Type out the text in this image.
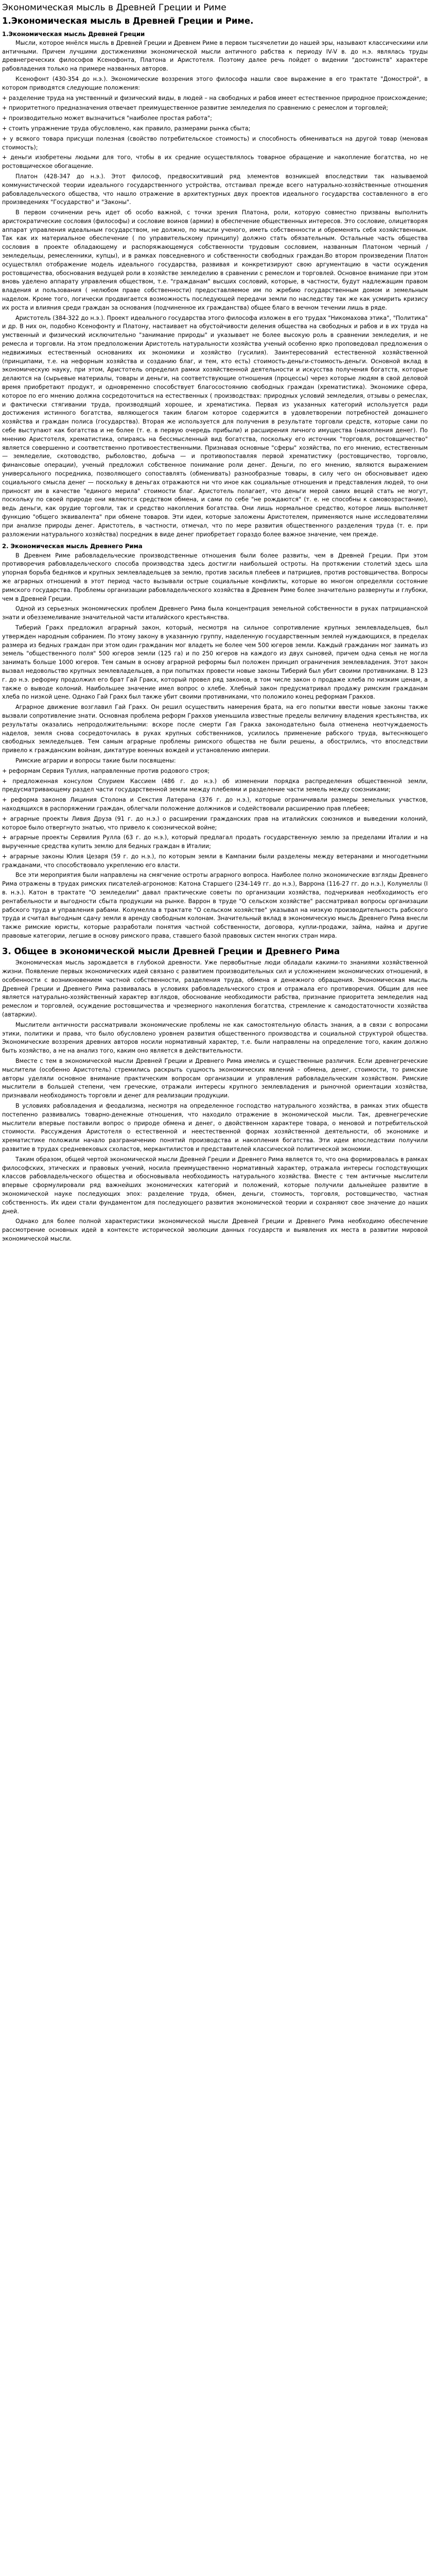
Экономическая мысль в Древней Греции и Риме
1.Экономическая мысль в Древней Греции и Риме.
1.Экономическая мысль Древней Греции

Мысли, которое мнёлся мысль в Древней Греции и Древнем Риме в первом тысячелетии до нашей эры, называют классическими или античными. Причем лучшими достижениями экономической мысли античного рабства к периоду IV-V в. до н.э. являлась труды древнегреческих философов Ксенофонта, Платона и Аристотеля. Поэтому далее речь пойдет о видении "достоинств" характере рабовладения только на примере названных авторов.

Ксенофонт (430-354 до н.э.). Экономические воззрения этого философа нашли свое выражение в его трактате "Домострой", в котором приводятся следующие положения:

+ разделение труда на умственный и физический виды, в людей – на свободных и рабов имеет естественное природное происхождение;

+ приоритетного предназначения отвечает преимущественное развитие земледелия по сравнению с ремеслом и торговлей;

+ производительно может вызначиться "наиболее простая работа";

+ стоить упражнение труда обусловлено, как правило, размерами рынка сбыта;

+ у всякого товара присущи полезная (свойство потребительское стоимость) и способность обмениваться на другой товар (меновая стоимость);

+ деньги изобретены людьми для того, чтобы в их средние осуществлялось товарное обращение и накопление богатства, но не ростовщическое обогащение.

Платон (428-347 до н.э.). Этот философ, предвосхитивший ряд элементов возникшей впоследствии так называемой коммунистической теории идеального государственного устройства, отстаивал прежде всего натурально-хозяйственные отношения рабовладельческого общества, что нашло отражение в архитектурных двух проектов идеального государства составленного в его произведениях "Государство" и "Законы".

В первом сочинении речь идет об особо важной, с точки зрения Платона, роли, которую совместно призваны выполнить аристократические сословия (философы) и сословие воинов (армии) в обеспечение общественных интересов. Это сословие, олицетворяя аппарат управления идеальным государством, не должно, по мысли ученого, иметь собственности и обременять себя хозяйственным. Так как их материальное обеспечение ( по управительскому принципу) должно стать обязательным. Остальные часть общества сословия в проекте обладающему и распоряжающемуся собственности трудовым сословием, названным Платоном черный / земледельцы, ремесленники, купцы), и в рамках повседневного и собственности свободных граждан.Во втором произведении Платон осуществлял отображение модель идеального государства, развивая и конкретизируют свою аргументацию в части осуждения ростовщичества, обоснования ведущей роли в хозяйстве земледелию в сравнении с ремеслом и торговлей. Основное внимание при этом вновь уделено аппарату управления обществом, т.е. "гражданам" высших сословий, которые, в частности, будут надлежащим правом владения и пользования ( нелюбом праве собственности) предоставляемое им по жребию государственным домом и земельным наделом. Кроме того, логически продвигается возможность последующей передачи земли по наследству так же как усмирить кризису их роста и влияния среди граждан за основания (подчиненное их гражданства) общее благо в вечном течении лишь в ряде.

Аристотель (384-322 до н.э.). Проект идеального государства этого философа изложен в его трудах "Никомахова этика", "Политика" и др. В них он, подобно Ксенофонту и Платону, настаивает на обустойчивости деления общества на свободных и рабов и в их труда на умственный и физический исключительно "занимание природы" и указывает не более высокую роль в сравнении земледелия, и не ремесла и торговли. На этом предположении Аристотель натуральности хозяйства ученый особенно ярко проповедовал предложения о недвижимых естественный основаниях их экономики и хозяйство (гусилия). Заинтересований естественной хозяйственной (принципами, т.е. на нефорным хозяйства и созданию благ, и тем, кто есть) стоимость-деньги-стоимость-деньги. Основной вклад в экономическую науку, при этом, Аристотель определил рамки хозяйственной деятельности и искусства получения богатств, которые делаются на (сырьевые материалы, товары и деньги, на соответствующие отношения (процессы) через которые людям в свой деловой время приобретают продукт, и одновременно способствует благосостоянию свободных граждан (хрематистика). Экономике сфера, которое по его мнению должна сосредоточиться на естественных ( производствах: природных условий земледелия, отзывы о ремеслах, и фактически стягивании труда, производящий хорошее, и хрематистика. Первая из указанных категорий используется ради достижения истинного богатства, являющегося таким благом которое содержится в удовлетворении потребностей домашнего хозяйства и граждан полиса (государства). Вторая же используется для получения в результате торговли средств, которые сами по себе выступают как богатства и не более (т. е. в первую очередь прибыли) и расширения личного имущества (накопления денег). По мнению Аристотеля, хрематистика, опираясь на бессмысленный вид богатства, поскольку его источник "торговля, ростовщичество" является совершенно и соответственно противоестественными. Признавая основные "сферы" хозяйства, по его мнению, естественным — земледелие, скотоводство, рыболовство, добыча — и противопоставляя первой хрематистику (ростовщичество, торговлю, финансовые операции), ученый предложил собственное понимание роли денег. Деньги, по его мнению, являются выражением универсального посредника, позволяющего сопоставлять (обменивать) разнообразные товары, в силу чего он обосновывает идею социального смысла денег — поскольку в деньгах отражаются ни что иное как социальные отношения и представления людей, то они приносят им в качестве "единого мерила" стоимости благ. Аристотель полагает, что деньги мерой самих вещей стать не могут, поскольку по своей природе они являются средством обмена, и сами по себе "не рождаются" (т. е. не способны к самовозрастанию), ведь деньги, как орудие торговли, так и средство накопления богатства. Они лишь нормальное средство, которое лишь выполняет функцию "общего эквивалента" при обмене товаров. Эти идеи, которые заложены Аристотелем, применяются ныне исследователями при анализе природы денег. Аристотель, в частности, отмечал, что по мере развития общественного разделения труда (т. е. при разложении натурального хозяйства) посредник в виде денег приобретает гораздо более важное значение, чем прежде.

2. Экономическая мысль Древнего Рима

В Древнем Риме рабовладельческие производственные отношения были более развиты, чем в Древней Греции. При этом противоречия рабовладельческого способа производства здесь достигли наибольшей остроты. На протяжении столетий здесь шла упорная борьба бедняков и крупных землевладельцев за землю, против засилья плебеев и патрициев, против ростовщичества. Вопросы же аграрных отношений в этот период часто вызывали острые социальные конфликты, которые во многом определяли состояние римского государства. Проблемы организации рабовладельческого хозяйства в Древнем Риме более значительно развернуты и глубоки, чем в Древней Греции.

Одной из серьезных экономических проблем Древнего Рима была концентрация земельной собственности в руках патрицианской знати и обезземеливание значительной части италийского крестьянства.

Тиберий Гракх предложил аграрный закон, который, несмотря на сильное сопротивление крупных землевладельцев, был утвержден народным собранием. По этому закону в указанную группу, наделенную государственным землей нуждающихся, в пределах размера из бедных граждан при этом один гражданин мог владеть не более чем 500 югеров земли. Каждый гражданин мог заимать из земель "общественного поля" 500 югеров земли (125 га) и по 250 югеров на каждого из двух сыновей, причем одна семья не могла занимать больше 1000 югеров. Тем самым в основу аграрной реформы был положен принцип ограничения землевладения. Этот закон вызвал недовольство крупных землевладельцев, а при попытках провести новые законы Тиберий был убит своими противниками. В 123 г. до н.э. реформу продолжил его брат Гай Гракх, который провел ряд законов, в том числе закон о продаже хлеба по низким ценам, а также о выводе колоний. Наибольшее значение имел вопрос о хлебе. Хлебный закон предусматривал продажу римским гражданам хлеба по низкой цене. Однако Гай Гракх был также убит своими противниками, что положило конец реформам Гракхов.

Аграрное движение возглавил Гай Гракх. Он решил осуществить намерения брата, на его попытки ввести новые законы также вызвали сопротивление знати. Основная проблема реформ Гракхов уменьшила известные пределы величину владения крестьянства, их результаты оказались непродолжительными: вскоре после смерти Гая Гракха законодательно была отменена неотчуждаемость наделов, земля снова сосредоточилась в руках крупных собственников, усилилось применение рабского труда, вытесняющего свободных земледельцев. Тем самым аграрные проблемы римского общества не были решены, а обострились, что впоследствии привело к гражданским войнам, диктатуре военных вождей и установлению империи.

Римские аграрии и вопросы такие были посвящены:

+ реформам Сервия Туллия, направленные против родового строя;

+ предложенная консулом Спурием Кассием (486 г. до н.э.) об изменении порядка распределения общественной земли, предусматривающему раздел части государственной земли между плебеями и разделение части земель между союзниками;

+ реформа законов Лициния Столона и Секстия Латерана (376 г. до н.э.), которые ограничивали размеры земельных участков, находящихся в распоряжении граждан, облегчали положение должников и содействовали расширению прав плебеев;

+ аграрные проекты Ливия Друза (91 г. до н.э.) о расширении гражданских прав на италийских союзников и выведении колоний, которое было отвергнуто знатью, что привело к союзнической войне;

+ аграрные проекты Сервилия Рулла (63 г. до н.э.), который предлагал продать государственную землю за пределами Италии и на вырученные средства купить землю для бедных граждан в Италии;

+ аграрные законы Юлия Цезаря (59 г. до н.э.), по которым земли в Кампании были разделены между ветеранами и многодетными гражданами, что способствовало укреплению его власти.

Все эти мероприятия были направлены на смягчение остроты аграрного вопроса. Наиболее полно экономические взгляды Древнего Рима отражены в трудах римских писателей-агрономов: Катона Старшего (234-149 гг. до н.э.), Варрона (116-27 гг. до н.э.), Колумеллы (I в. н.э.). Катон в трактате "О земледелии" давал практические советы по организации хозяйства, подчеркивая необходимость его рентабельности и выгодности сбыта продукции на рынке. Варрон в труде "О сельском хозяйстве" рассматривал вопросы организации рабского труда и управления рабами. Колумелла в трактате "О сельском хозяйстве" указывал на низкую производительность рабского труда и считал выгодным сдачу земли в аренду свободным колонам. Значительный вклад в экономическую мысль Древнего Рима внесли также римские юристы, которые разработали понятия частной собственности, договора, купли-продажи, займа, найма и другие правовые категории, легшие в основу римского права, ставшего базой правовых систем многих стран мира.

3. Общее в экономической мысли Древней Греции и Древнего Рима

Экономическая мысль зарождается в глубокой древности. Уже первобытные люди обладали какими-то знаниями хозяйственной жизни. Появление первых экономических идей связано с развитием производительных сил и усложнением экономических отношений, в особенности с возникновением частной собственности, разделения труда, обмена и денежного обращения. Экономическая мысль Древней Греции и Древнего Рима развивалась в условиях рабовладельческого строя и отражала его противоречия. Общим для нее является натурально-хозяйственный характер взглядов, обоснование необходимости рабства, признание приоритета земледелия над ремеслом и торговлей, осуждение ростовщичества и чрезмерного накопления богатства, стремление к самодостаточности хозяйства (автаркии).

Мыслители античности рассматривали экономические проблемы не как самостоятельную область знания, а в связи с вопросами этики, политики и права, что было обусловлено уровнем развития общественного производства и социальной структурой общества. Экономические воззрения древних авторов носили нормативный характер, т.е. были направлены на определение того, каким должно быть хозяйство, а не на анализ того, каким оно является в действительности.

Вместе с тем в экономической мысли Древней Греции и Древнего Рима имелись и существенные различия. Если древнегреческие мыслители (особенно Аристотель) стремились раскрыть сущность экономических явлений – обмена, денег, стоимости, то римские авторы уделяли основное внимание практическим вопросам организации и управления рабовладельческим хозяйством. Римские мыслители в большей степени, чем греческие, отражали интересы крупного землевладения и рыночной ориентации хозяйства, признавали необходимость торговли и денег для реализации продукции.

В условиях рабовладения и феодализма, несмотря на определенное господство натурального хозяйства, в рамках этих обществ постепенно развивались товарно-денежные отношения, что находило отражение в экономической мысли. Так, древнегреческие мыслители впервые поставили вопрос о природе обмена и денег, о двойственном характере товара, о меновой и потребительской стоимости. Рассуждения Аристотеля о естественной и неестественной формах хозяйственной деятельности, об экономике и хрематистике положили начало разграничению понятий производства и накопления богатства. Эти идеи впоследствии получили развитие в трудах средневековых схоластов, меркантилистов и представителей классической политической экономии.

Таким образом, общей чертой экономической мысли Древней Греции и Древнего Рима является то, что она формировалась в рамках философских, этических и правовых учений, носила преимущественно нормативный характер, отражала интересы господствующих классов рабовладельческого общества и обосновывала необходимость натурального хозяйства. Вместе с тем античные мыслители впервые сформулировали ряд важнейших экономических категорий и положений, которые получили дальнейшее развитие в экономической науке последующих эпох: разделение труда, обмен, деньги, стоимость, торговля, ростовщичество, частная собственность. Их идеи стали фундаментом для последующего развития экономической теории и сохраняют свое значение до наших дней.

Однако для более полной характеристики экономической мысли Древней Греции и Древнего Рима необходимо обеспечение рассмотрение основных идей в контексте исторической эволюции данных государств и выявления их места в развитии мировой экономической мысли.
